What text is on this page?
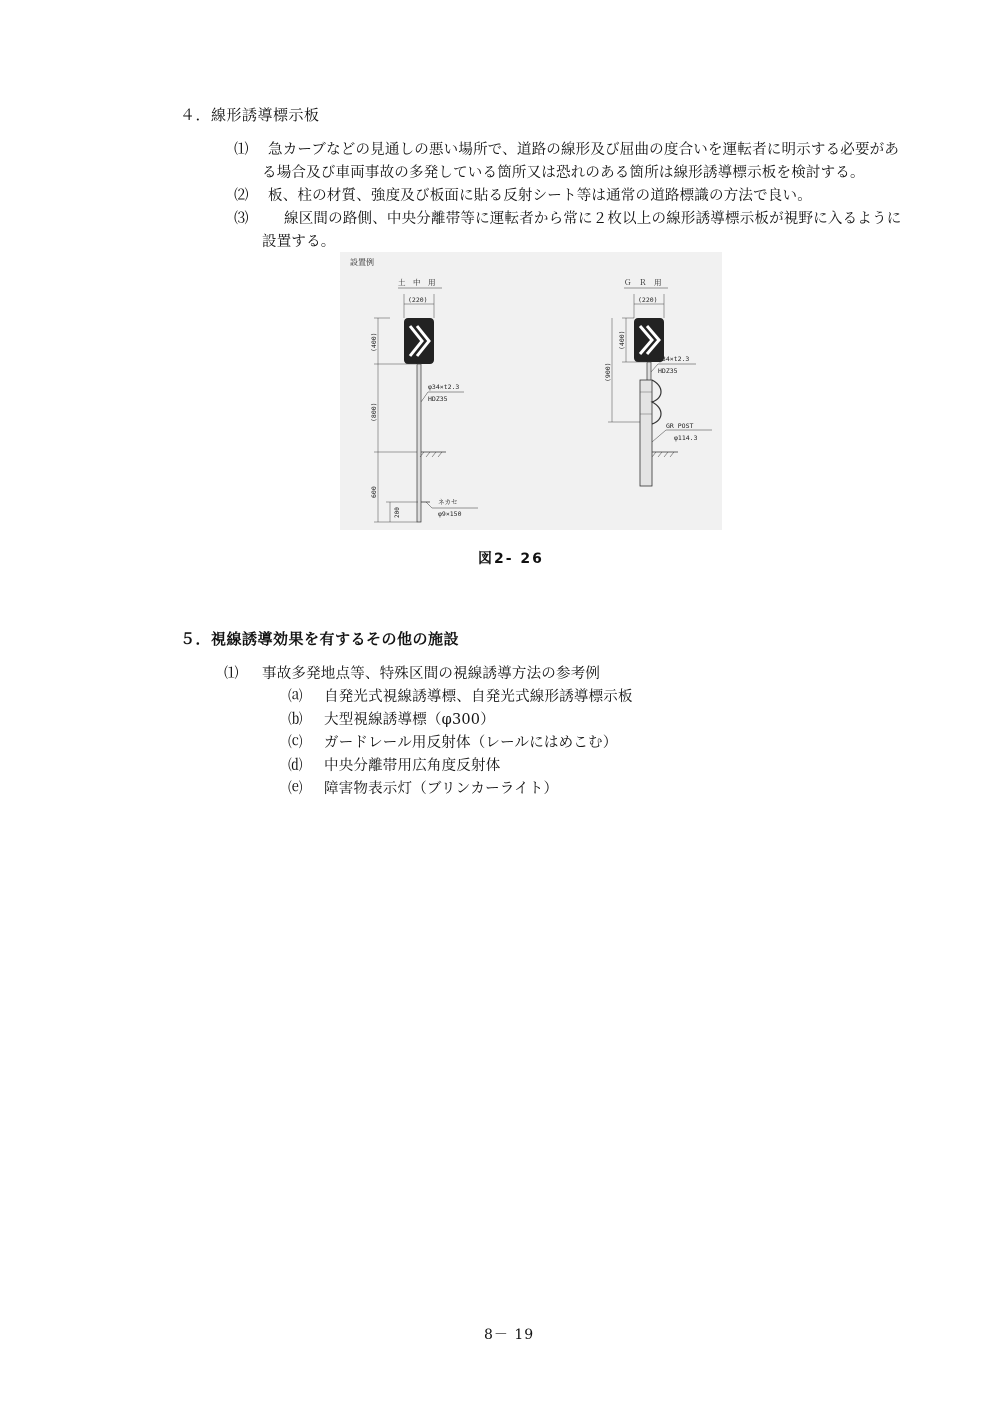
４．線形誘導標示板
⑴ 急カーブなどの見通しの悪い場所で、道路の線形及び屈曲の度合いを運転者に明示する必要があ
る場合及び車両事故の多発している箇所又は恐れのある箇所は線形誘導標示板を検討する。
⑵ 板、柱の材質、強度及び板面に貼る反射シート等は通常の道路標識の方法で良い。
⑶ 線区間の路側、中央分離帯等に運転者から常に２枚以上の線形誘導標示板が視野に入るように
設置する。
設置例
土　中　用
(220)
(400)
(800)
φ34×t2.3
HDZ35
600
200
ネカセ
φ9×150
Ｇ　Ｒ　用
(220)
(400)
(900)
φ34×t2.3
HDZ35
GR POST
φ114.3
図2- 26
５．視線誘導効果を有するその他の施設
⑴ 事故多発地点等、特殊区間の視線誘導方法の参考例
⒜ 自発光式視線誘導標、自発光式線形誘導標示板
⒝ 大型視線誘導標（φ300）
⒞ ガードレール用反射体（レールにはめこむ）
⒟ 中央分離帯用広角度反射体
⒠ 障害物表示灯（ブリンカーライト）
8－ 19
